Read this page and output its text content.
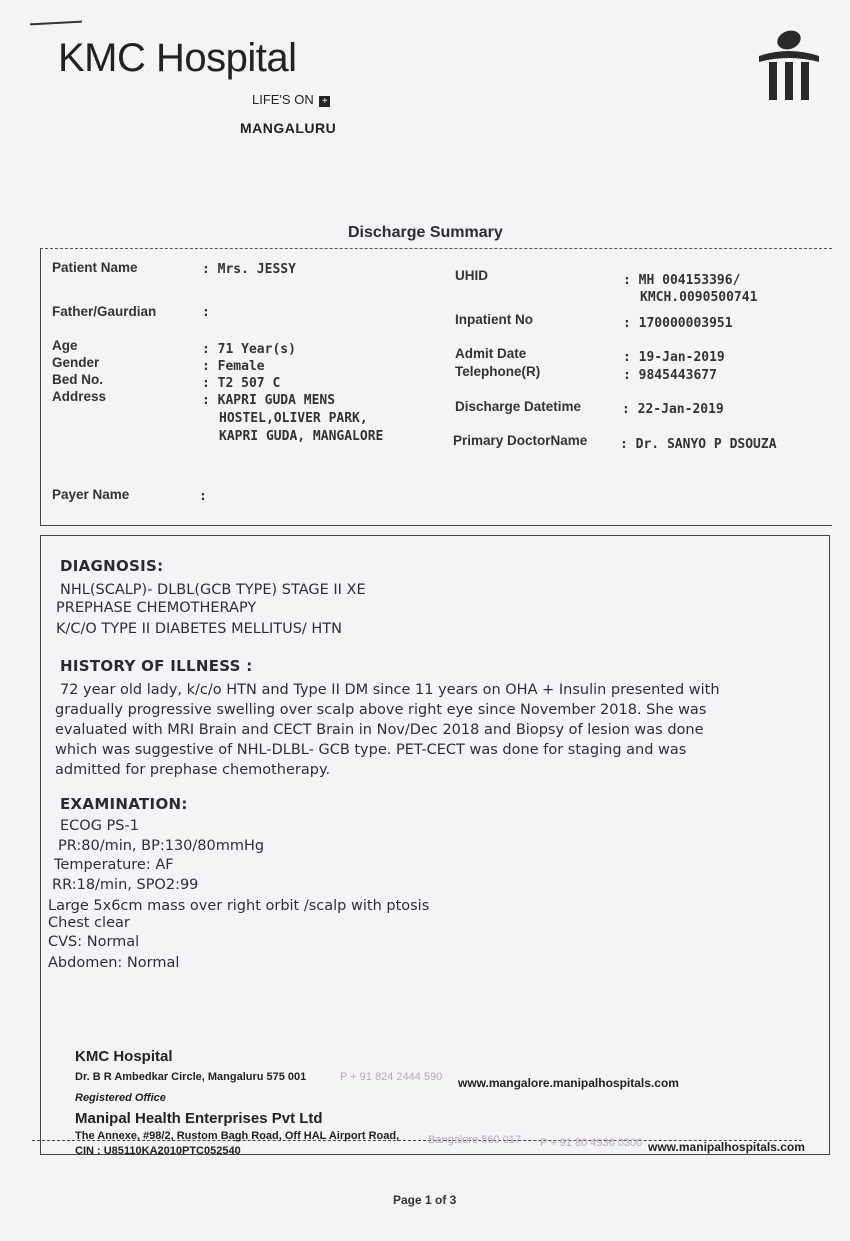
KMC Hospital
LIFE'S ON +
MANGALURU
Discharge Summary
Patient Name	: Mrs. JESSY
Father/Gaurdian	:
Age	: 71 Year(s)
Gender	: Female
Bed No.	: T2 507 C
Address	: KAPRI GUDA MENS
HOSTEL,OLIVER PARK,
KAPRI GUDA, MANGALORE
Payer Name	:
UHID	: MH 004153396/
KMCH.0090500741
Inpatient No	: 170000003951
Admit Date	: 19-Jan-2019
Telephone(R)	: 9845443677
Discharge Datetime	: 22-Jan-2019
Primary DoctorName	: Dr. SANYO P DSOUZA
DIAGNOSIS:
NHL(SCALP)- DLBL(GCB TYPE) STAGE II XE
PREPHASE CHEMOTHERAPY
K/C/O TYPE II DIABETES MELLITUS/ HTN
HISTORY OF ILLNESS :
72 year old lady, k/c/o HTN and Type II DM since 11 years on OHA + Insulin presented with
gradually progressive swelling over scalp above right eye since November 2018. She was
evaluated with MRI Brain and CECT Brain in Nov/Dec 2018 and Biopsy of lesion was done
which was suggestive of NHL-DLBL- GCB type. PET-CECT was done for staging and was
admitted for prephase chemotherapy.
EXAMINATION:
ECOG PS-1
PR:80/min, BP:130/80mmHg
Temperature: AF
RR:18/min, SPO2:99
Large 5x6cm mass over right orbit /scalp with ptosis
Chest clear
CVS: Normal
Abdomen: Normal
KMC Hospital
Dr. B R Ambedkar Circle, Mangaluru 575 001	P + 91 824 2444 590 www.mangalore.manipalhospitals.com
Registered Office
Manipal Health Enterprises Pvt Ltd
The Annexe, #98/2, Rustom Bagh Road, Off HAL Airport Road,	Bangalore 560 017 P + 91 80 4936 0300 www.manipalhospitals.com
CIN : U85110KA2010PTC052540
Page 1 of 3
